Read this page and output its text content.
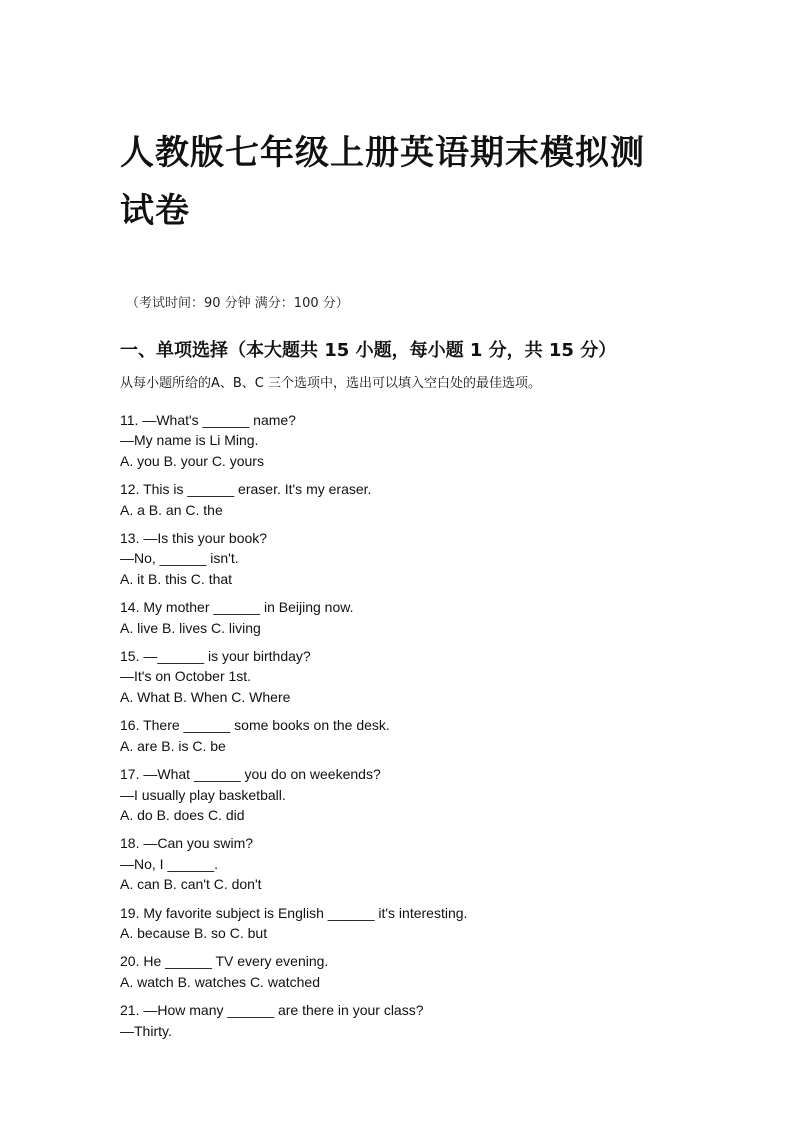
人教版七年级上册英语期末模拟测试卷
（考试时间：90 分钟 满分：100 分）
一、单项选择（本大题共 15 小题，每小题 1 分，共 15 分）
从每小题所给的A、B、C 三个选项中，选出可以填入空白处的最佳选项。
11. —What's ______ name?
—My name is Li Ming.
A. you B. your C. yours
12. This is ______ eraser. It's my eraser.
A. a B. an C. the
13. —Is this your book?
—No, ______ isn't.
A. it B. this C. that
14. My mother ______ in Beijing now.
A. live B. lives C. living
15. —______ is your birthday?
—It's on October 1st.
A. What B. When C. Where
16. There ______ some books on the desk.
A. are B. is C. be
17. —What ______ you do on weekends?
—I usually play basketball.
A. do B. does C. did
18. —Can you swim?
—No, I ______.
A. can B. can't C. don't
19. My favorite subject is English ______ it's interesting.
A. because B. so C. but
20. He ______ TV every evening.
A. watch B. watches C. watched
21. —How many ______ are there in your class?
—Thirty.
